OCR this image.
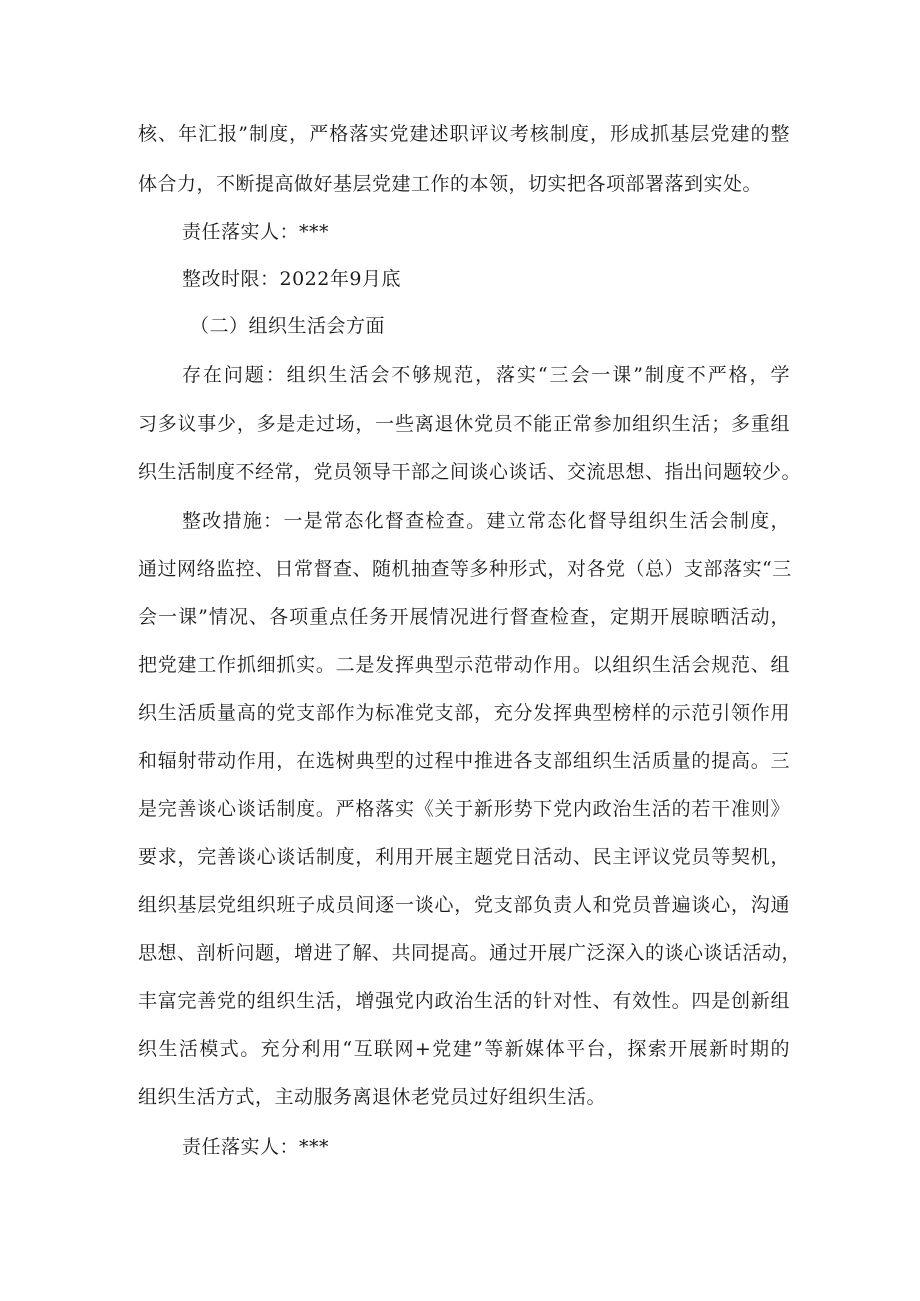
核、年汇报”制度，严格落实党建述职评议考核制度，形成抓基层党建的整
体合力，不断提高做好基层党建工作的本领，切实把各项部署落到实处。
责任落实人：***
整改时限：2022年9月底
（二）组织生活会方面
存在问题：组织生活会不够规范，落实“三会一课”制度不严格，学
习多议事少，多是走过场，一些离退休党员不能正常参加组织生活；多重组
织生活制度不经常，党员领导干部之间谈心谈话、交流思想、指出问题较少。
整改措施：一是常态化督查检查。建立常态化督导组织生活会制度，
通过网络监控、日常督查、随机抽查等多种形式，对各党（总）支部落实“三
会一课”情况、各项重点任务开展情况进行督查检查，定期开展晾晒活动，
把党建工作抓细抓实。二是发挥典型示范带动作用。以组织生活会规范、组
织生活质量高的党支部作为标准党支部，充分发挥典型榜样的示范引领作用
和辐射带动作用，在选树典型的过程中推进各支部组织生活质量的提高。三
是完善谈心谈话制度。严格落实《关于新形势下党内政治生活的若干准则》
要求，完善谈心谈话制度，利用开展主题党日活动、民主评议党员等契机，
组织基层党组织班子成员间逐一谈心，党支部负责人和党员普遍谈心，沟通
思想、剖析问题，增进了解、共同提高。通过开展广泛深入的谈心谈话活动，
丰富完善党的组织生活，增强党内政治生活的针对性、有效性。四是创新组
织生活模式。充分利用“互联网+党建”等新媒体平台，探索开展新时期的
组织生活方式，主动服务离退休老党员过好组织生活。
责任落实人：***
